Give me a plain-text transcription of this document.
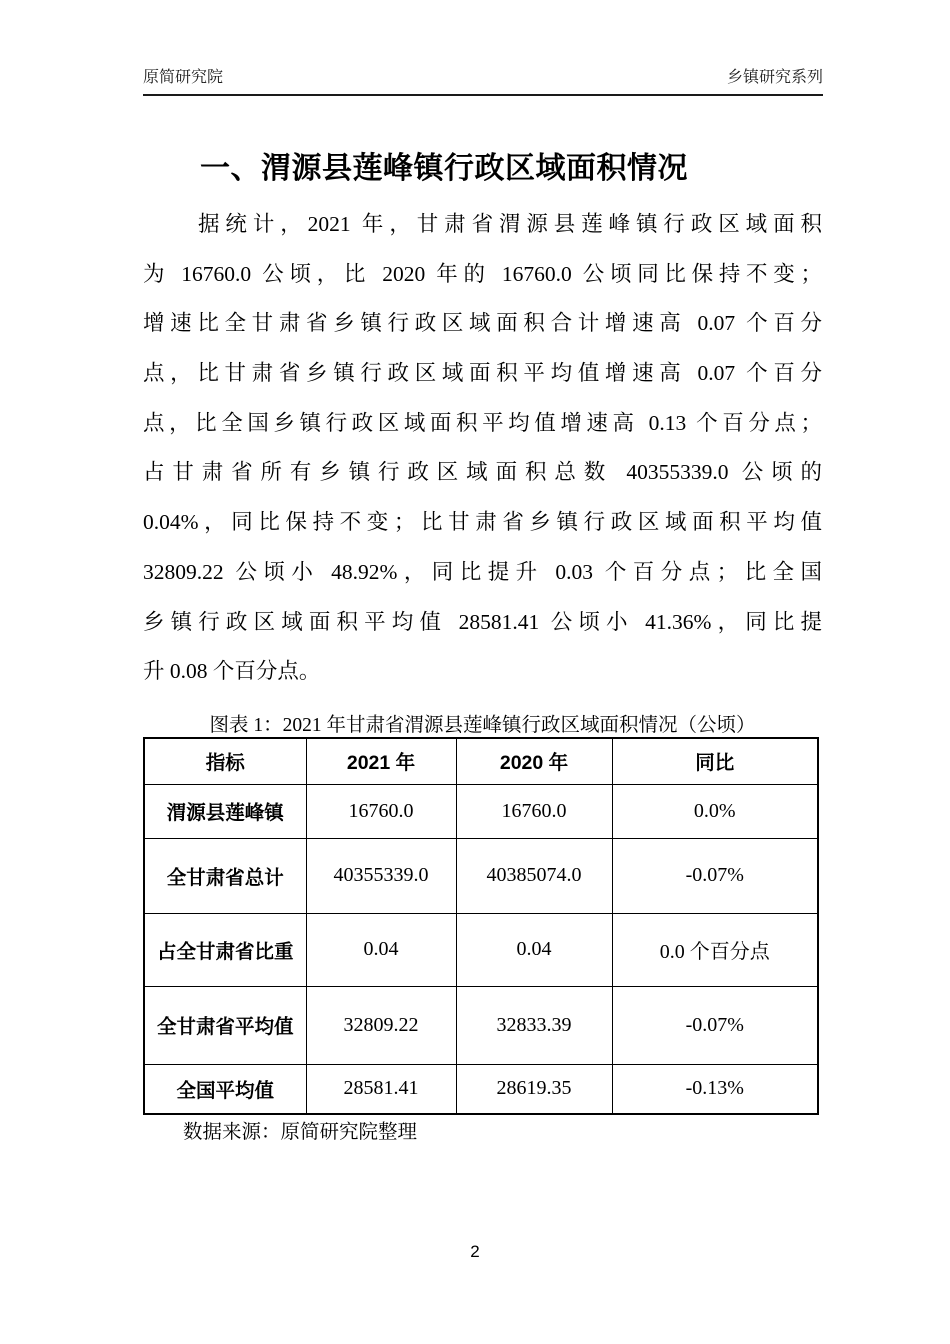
原简研究院	乡镇研究系列
一、渭源县莲峰镇行政区域面积情况
据统计，2021 年，甘肃省渭源县莲峰镇行政区域面积
为 16760.0 公顷，比 2020 年的 16760.0 公顷同比保持不变；
增速比全甘肃省乡镇行政区域面积合计增速高 0.07 个百分
点，比甘肃省乡镇行政区域面积平均值增速高 0.07 个百分
点，比全国乡镇行政区域面积平均值增速高 0.13 个百分点；
占甘肃省所有乡镇行政区域面积总数 40355339.0 公顷的
0.04%，同比保持不变；比甘肃省乡镇行政区域面积平均值
32809.22 公顷小 48.92%，同比提升 0.03 个百分点；比全国
乡镇行政区域面积平均值 28581.41 公顷小 41.36%，同比提
升 0.08 个百分点。
图表 1：2021 年甘肃省渭源县莲峰镇行政区域面积情况（公顷）
指标	2021 年	2020 年	同比
渭源县莲峰镇	16760.0	16760.0	0.0%
全甘肃省总计	40355339.0	40385074.0	-0.07%
占全甘肃省比重	0.04	0.04	0.0 个百分点
全甘肃省平均值	32809.22	32833.39	-0.07%
全国平均值	28581.41	28619.35	-0.13%
数据来源：原简研究院整理
2
